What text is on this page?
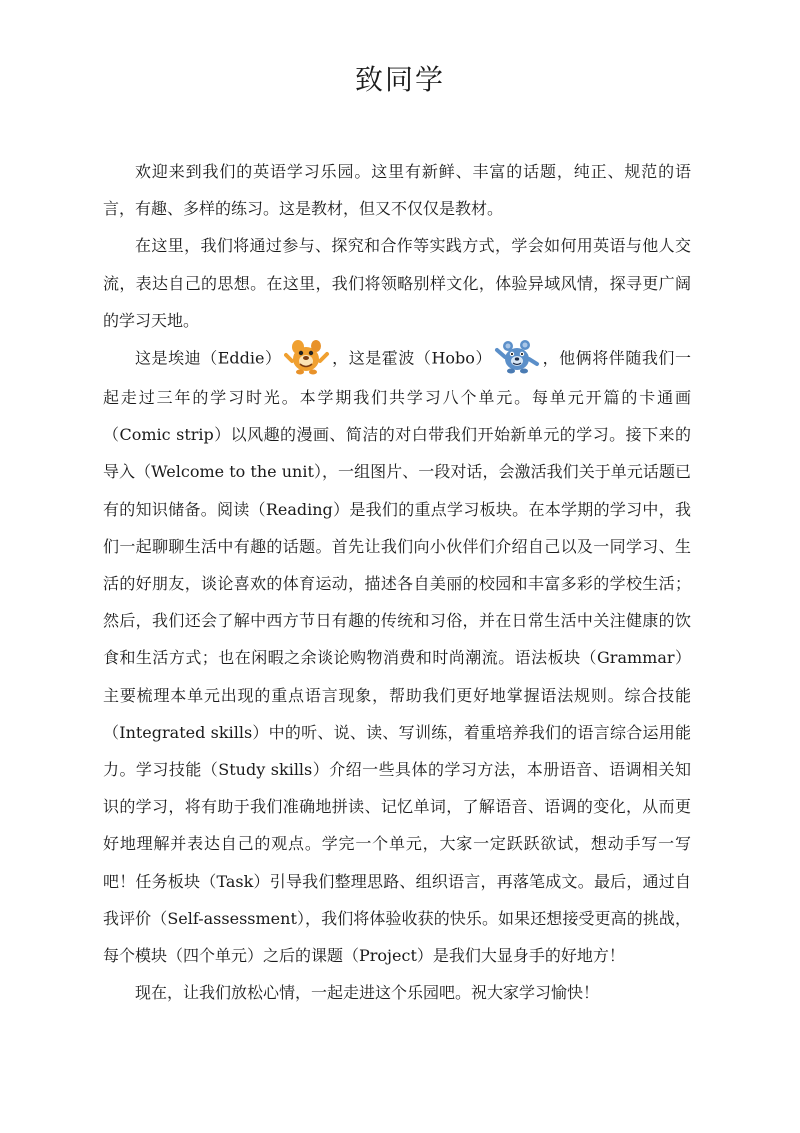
致同学

欢迎来到我们的英语学习乐园。这里有新鲜、丰富的话题，纯正、规范的语言，有趣、多样的练习。这是教材，但又不仅仅是教材。

在这里，我们将通过参与、探究和合作等实践方式，学会如何用英语与他人交流，表达自己的思想。在这里，我们将领略别样文化，体验异域风情，探寻更广阔的学习天地。

这是埃迪（Eddie）	，这是霍波（Hobo）	，他俩将伴随我们一起走过三年的学习时光。本学期我们共学习八个单元。每单元开篇的卡通画（Comic strip）以风趣的漫画、简洁的对白带我们开始新单元的学习。接下来的导入（Welcome to the unit），一组图片、一段对话，会激活我们关于单元话题已有的知识储备。阅读（Reading）是我们的重点学习板块。在本学期的学习中，我们一起聊聊生活中有趣的话题。首先让我们向小伙伴们介绍自己以及一同学习、生活的好朋友，谈论喜欢的体育运动，描述各自美丽的校园和丰富多彩的学校生活；然后，我们还会了解中西方节日有趣的传统和习俗，并在日常生活中关注健康的饮食和生活方式；也在闲暇之余谈论购物消费和时尚潮流。语法板块（Grammar）主要梳理本单元出现的重点语言现象，帮助我们更好地掌握语法规则。综合技能（Integrated skills）中的听、说、读、写训练，着重培养我们的语言综合运用能力。学习技能（Study skills）介绍一些具体的学习方法，本册语音、语调相关知识的学习，将有助于我们准确地拼读、记忆单词，了解语音、语调的变化，从而更好地理解并表达自己的观点。学完一个单元，大家一定跃跃欲试，想动手写一写吧！任务板块（Task）引导我们整理思路、组织语言，再落笔成文。最后，通过自我评价（Self-assessment），我们将体验收获的快乐。如果还想接受更高的挑战，每个模块（四个单元）之后的课题（Project）是我们大显身手的好地方！

现在，让我们放松心情，一起走进这个乐园吧。祝大家学习愉快！
